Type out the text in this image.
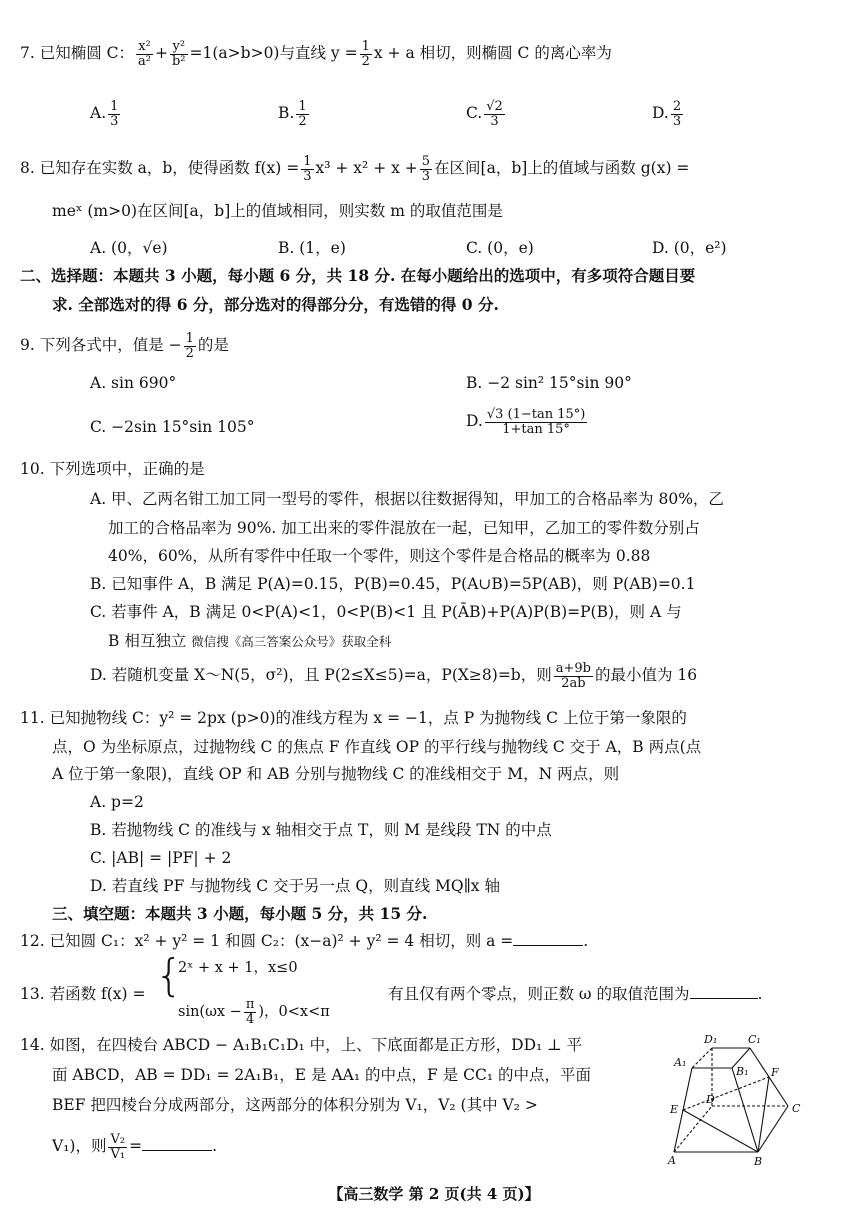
7. 已知椭圆 C： $\frac{\text{x²}}{\text{a²}} + \frac{\text{y²}}{\text{b²}} =1(a>b>0)$与直线 $y = \frac{1}{2}$ x + a 相切，则椭圆 C 的离心率为
A. $\frac{1}{3}$	B. $\frac{1}{2}$	C. $\frac{√2}{3}$	D. $\frac{2}{3}$
8. 已知存在实数 a，b，使得函数 $f(x) = \frac{1}{3} x^3 + x^2 + x + \frac{5}{3}$ 在区间[a，b]上的值域与函数 g(x) =
meˣ (m>0)在区间[a，b]上的值域相同，则实数 m 的取值范围是
A. (0，√e)	B. (1，e)	C. (0，e)	D. (0，e²)
二、选择题：本题共 3 小题，每小题 6 分，共 18 分. 在每小题给出的选项中，有多项符合题目要
求. 全部选对的得 6 分，部分选对的得部分分，有选错的得 0 分.
9. 下列各式中，值是 − $\frac{1}{2}$ 的是
A. sin 690°	B. −2 sin² 15°sin 90°
C. −2sin 15°sin 105°	D. $\frac{√3 (1-\tan 15^\circ)}{1+\tan 15^\circ}$
10. 下列选项中，正确的是
A. 甲、乙两名钳工加工同一型号的零件，根据以往数据得知，甲加工的合格品率为 80%，乙
加工的合格品率为 90%. 加工出来的零件混放在一起，已知甲，乙加工的零件数分别占
40%，60%，从所有零件中任取一个零件，则这个零件是合格品的概率为 0.88
B. 已知事件 A，B 满足 P(A)=0.15，P(B)=0.45，P(A∪B)=5P(AB)，则 P(AB)=0.1
C. 若事件 A，B 满足 0<P(A)<1，0<P(B)<1 且 P(ĀB)+P(A)P(B)=P(B)，则 A 与
B 相互独立 微信搜《高三答案公众号》获取全科
D. 若随机变量 X～N(5，σ²)，且 P(2≤X≤5)=a，P(X≥8)=b，则 $\frac{a+9b}{2ab}$ 的最小值为 16
11. 已知抛物线 C：y² = 2px (p>0)的准线方程为 x = −1，点 P 为抛物线 C 上位于第一象限的
点，O 为坐标原点，过抛物线 C 的焦点 F 作直线 OP 的平行线与抛物线 C 交于 A，B 两点(点
A 位于第一象限)，直线 OP 和 AB 分别与抛物线 C 的准线相交于 M，N 两点，则
A. p=2
B. 若抛物线 C 的准线与 x 轴相交于点 T，则 M 是线段 TN 的中点
C. |AB| = |PF| + 2
D. 若直线 PF 与抛物线 C 交于另一点 Q，则直线 MQ∥x 轴
三、填空题：本题共 3 小题，每小题 5 分，共 15 分.
12. 已知圆 C₁：x² + y² = 1 和圆 C₂：(x−a)² + y² = 4 相切，则 a =	.
13. 若函数 f(x) = {
2ˣ + x + 1，x≤0
$\sin(\omega x - \frac{\pi}{4}$ )，0<x<π
有且仅有两个零点，则正数 ω 的取值范围为	.
14. 如图，在四棱台 ABCD − A₁B₁C₁D₁ 中，上、下底面都是正方形，DD₁ ⊥ 平
面 ABCD，AB = DD₁ = 2A₁B₁，E 是 AA₁ 的中点，F 是 CC₁ 的中点，平面
BEF 把四棱台分成两部分，这两部分的体积分别为 V₁，V₂ (其中 V₂ >
V₁)，则 $\frac{\text{V₂}}{\text{V₁}}$ =	.
D₁	C₁
A₁
B₁ F
E
D
C
A	B
【高三数学 第 2 页(共 4 页)】
